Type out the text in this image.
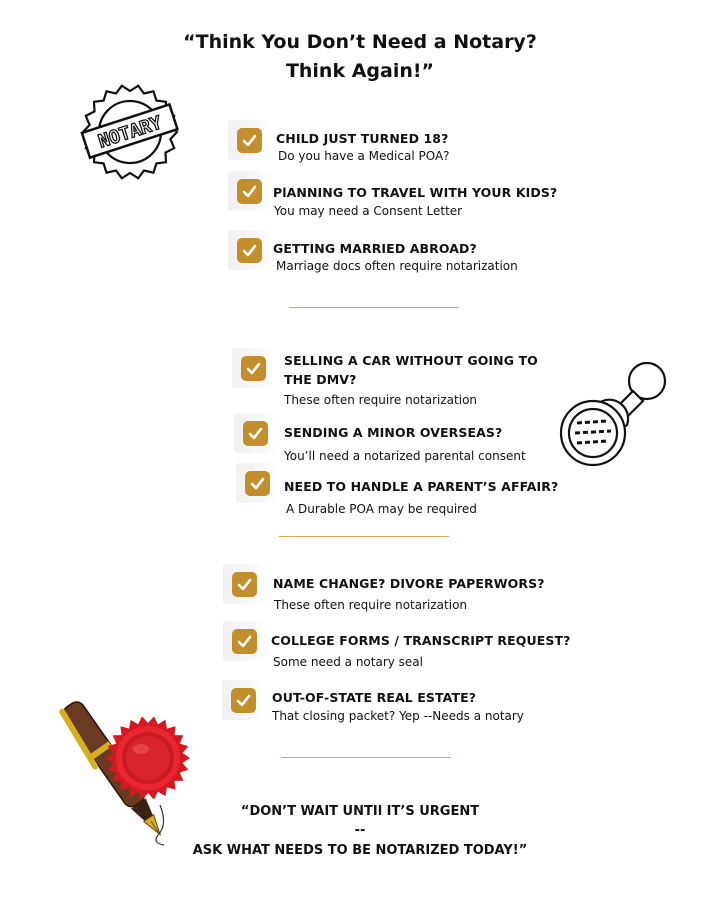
“Think You Don’t Need a Notary?
Think Again!”
NOTARY	CHILD JUST TURNED 18?
Do you have a Medical POA?
PlANNING TO TRAVEL WITH YOUR KIDS?
You may need a Consent Letter
GETTING MARRIED ABROAD?
Marriage docs often require notarization
SELLING A CAR WITHOUT GOING TO
THE DMV?
These often require notarization
SENDING A MINOR OVERSEAS?
You’ll need a notarized parental consent
NEED TO HANDLE A PARENT’S AFFAIR?
A Durable POA may be required
NAME CHANGE? DIVORE PAPERWORS?
These often require notarization
COLLEGE FORMS / TRANSCRIPT REQUEST?
Some need a notary seal
OUT-OF-STATE REAL ESTATE?
That closing packet? Yep --Needs a notary
“DON’T WAIT UNTIl IT’S URGENT
--
ASK WHAT NEEDS TO BE NOTARIZED TODAY!”
